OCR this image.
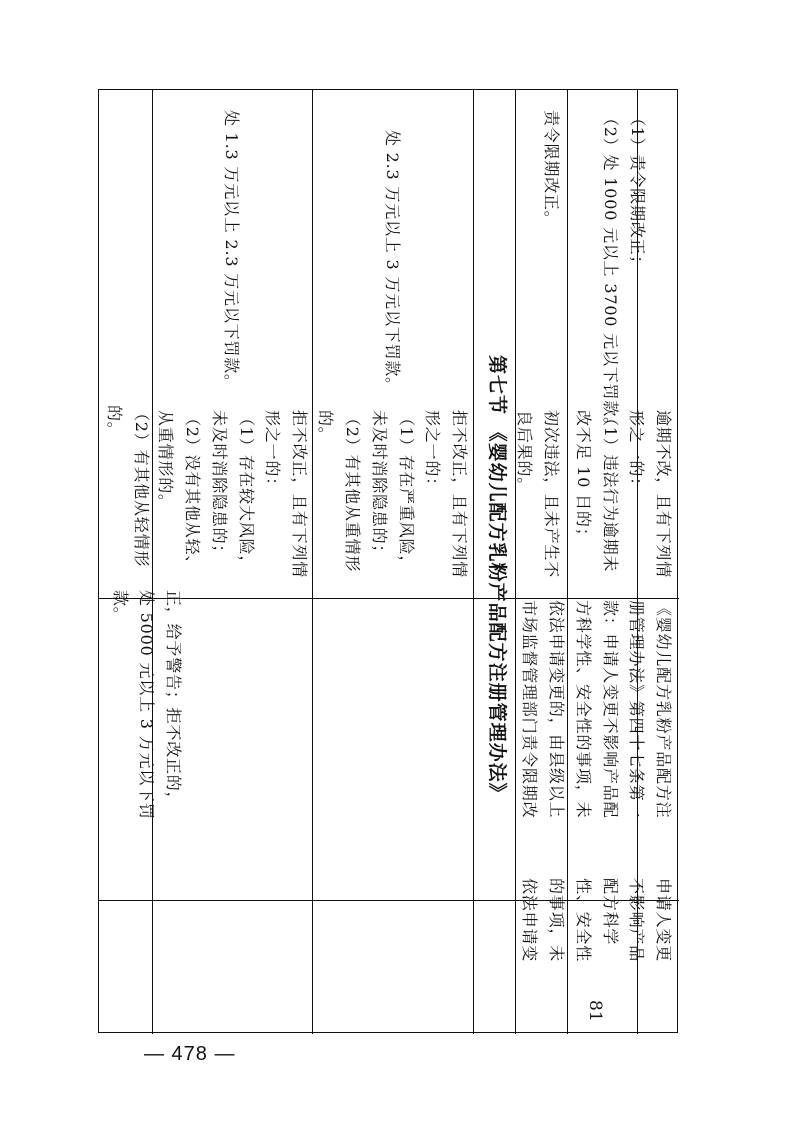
正，给予警告；拒不改正的，

处 5000 元以上 3 万元以下罚

款。

（2）有其他从轻情形

的。	拒不改正，且有下列情

形之一的：

（1）存在较大风险，

未及时消除隐患的；

（2）没有其他从轻、

从重情形的。

处 1.3 万元以上 2.3 万元以下罚款。

拒不改正，且有下列情

形之一的：

（1）存在严重风险，

未及时消除隐患的；

（2）有其他从重情形

的。

处 2.3 万元以上 3 万元以下罚款。

第七节 《婴幼儿配方乳粉产品配方注册管理办法》
81

申请人变更

不影响产品

配方科学

性、安全性

的事项，未

依法申请变

《婴幼儿配方乳粉产品配方注

册管理办法》第四十七条第一

款：申请人变更不影响产品配

方科学性、安全性的事项，未

依法申请变更的，由县级以上

市场监督管理部门责令限期改

初次违法，且未产生不

良后果的。

责令限期改正。

逾期不改，且有下列情

形之一的：

（1）违法行为逾期未

改不足 10 日的；

（1）责令限期改正；

（2）处 1000 元以上 3700 元以下罚款。

— 478 —
